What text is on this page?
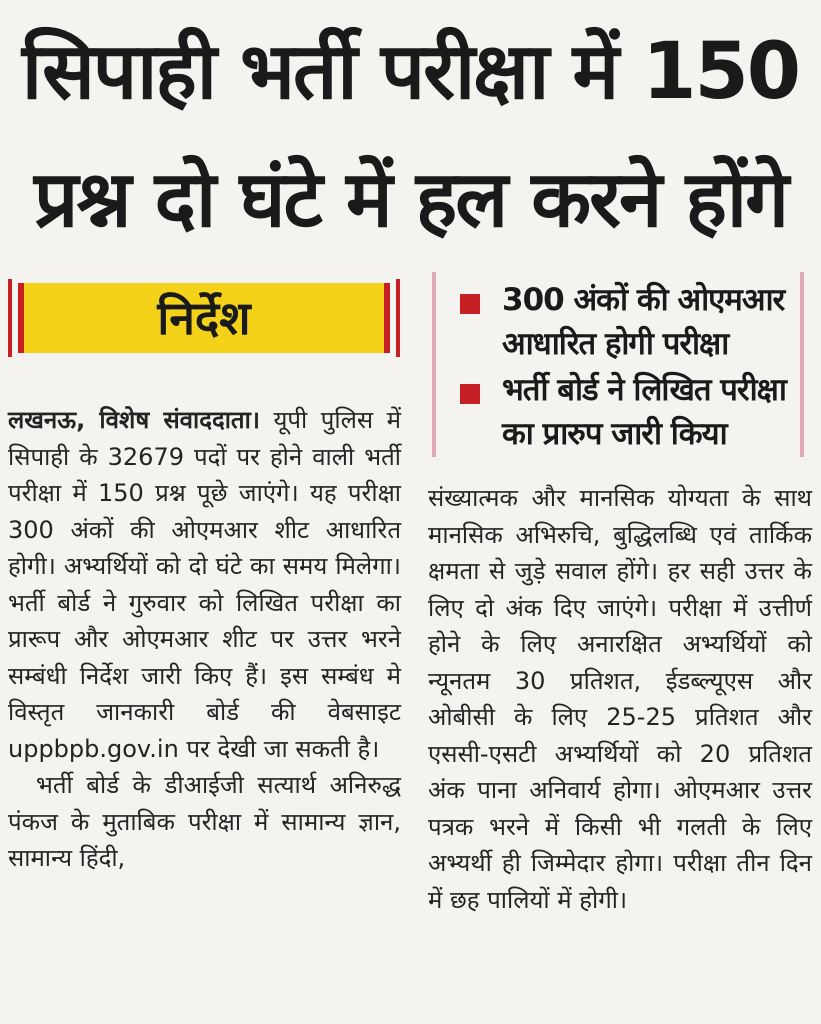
सिपाही भर्ती परीक्षा में 150
प्रश्न दो घंटे में हल करने होंगे
निर्देश	300 अंकों की ओएमआर आधारित होगी परीक्षा
भर्ती बोर्ड ने लिखित परीक्षा का प्रारुप जारी किया

लखनऊ, विशेष संवाददाता। यूपी पुलिस में सिपाही के 32679 पदों पर होने वाली भर्ती परीक्षा में 150 प्रश्न पूछे जाएंगे। यह परीक्षा 300 अंकों की ओएमआर शीट आधारित होगी। अभ्यर्थियों को दो घंटे का समय मिलेगा। भर्ती बोर्ड ने गुरुवार को लिखित परीक्षा का प्रारूप और ओएमआर शीट पर उत्तर भरने सम्बंधी निर्देश जारी किए हैं। इस सम्बंध मे विस्तृत जानकारी बोर्ड की वेबसाइट uppbpb.gov.in पर देखी जा सकती है।

भर्ती बोर्ड के डीआईजी सत्यार्थ अनिरुद्ध पंकज के मुताबिक परीक्षा में सामान्य ज्ञान, सामान्य हिंदी,

संख्यात्मक और मानसिक योग्यता के साथ मानसिक अभिरुचि, बुद्धिलब्धि एवं तार्किक क्षमता से जुड़े सवाल होंगे। हर सही उत्तर के लिए दो अंक दिए जाएंगे। परीक्षा में उत्तीर्ण होने के लिए अनारक्षित अभ्यर्थियों को न्यूनतम 30 प्रतिशत, ईडब्ल्यूएस और ओबीसी के लिए 25-25 प्रतिशत और एससी-एसटी अभ्यर्थियों को 20 प्रतिशत अंक पाना अनिवार्य होगा। ओएमआर उत्तर पत्रक भरने में किसी भी गलती के लिए अभ्यर्थी ही जिम्मेदार होगा। परीक्षा तीन दिन में छह पालियों में होगी।
